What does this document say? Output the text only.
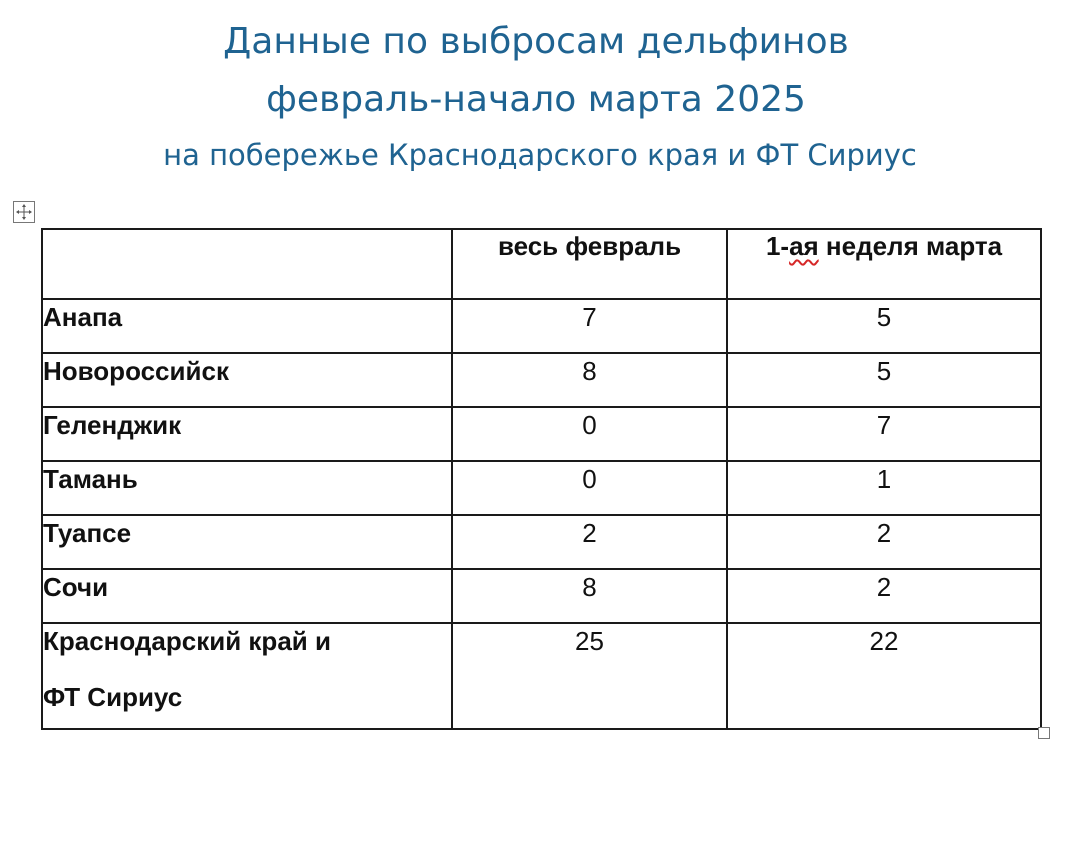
Данные по выбросам дельфинов
февраль-начало марта 2025
на побережье Краснодарского края и ФТ Сириус
	весь февраль	1-ая неделя марта
Анапа	7	5
Новороссийск	8	5
Геленджик	0	7
Тамань	0	1
Туапсе	2	2
Сочи	8	2

Краснодарский край и
ФТ Сириус	25	22
